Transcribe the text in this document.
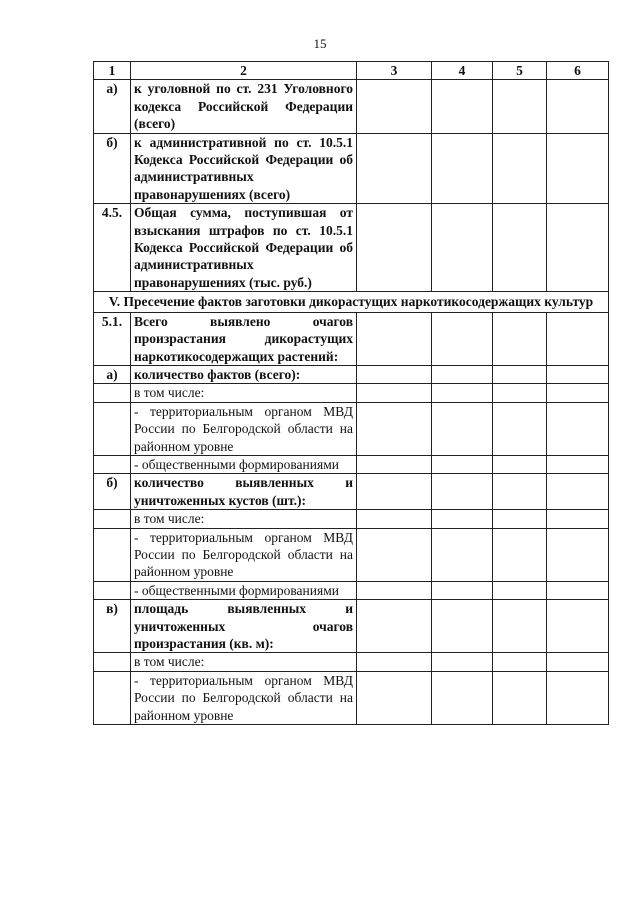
15
1	2	3	4	5	6
а)	к уголовной по ст. 231 Уголовного кодекса Российской Федерации (всего)				
б)	к административной по ст. 10.5.1 Кодекса Российской Федерации об административных правонарушениях (всего)				
4.5.	Общая сумма, поступившая от взыскания штрафов по ст. 10.5.1 Кодекса Российской Федерации об административных правонарушениях (тыс. руб.)				
V. Пресечение фактов заготовки дикорастущих наркотикосодержащих культур					
5.1.	Всего выявлено очагов произрастания дикорастущих наркотикосодержащих растений:				
а)	количество фактов (всего):				
	в том числе:				
	- территориальным органом МВД России по Белгородской области на районном уровне				
	- общественными формированиями				
б)	количество выявленных и уничтоженных кустов (шт.):				
	в том числе:				
	- территориальным органом МВД России по Белгородской области на районном уровне				
	- общественными формированиями				
в)	площадь выявленных и уничтоженных очагов произрастания (кв. м):				
	в том числе:				
	- территориальным органом МВД России по Белгородской области на районном уровне				
